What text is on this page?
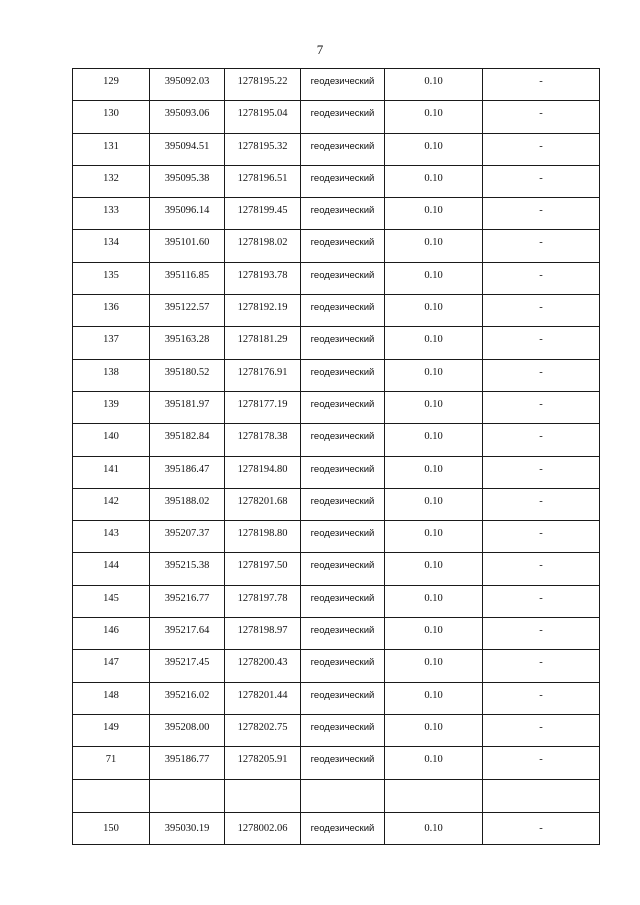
7
129	395092.03	1278195.22	геодезический	0.10	-
130	395093.06	1278195.04	геодезический	0.10	-
131	395094.51	1278195.32	геодезический	0.10	-
132	395095.38	1278196.51	геодезический	0.10	-
133	395096.14	1278199.45	геодезический	0.10	-
134	395101.60	1278198.02	геодезический	0.10	-
135	395116.85	1278193.78	геодезический	0.10	-
136	395122.57	1278192.19	геодезический	0.10	-
137	395163.28	1278181.29	геодезический	0.10	-
138	395180.52	1278176.91	геодезический	0.10	-
139	395181.97	1278177.19	геодезический	0.10	-
140	395182.84	1278178.38	геодезический	0.10	-
141	395186.47	1278194.80	геодезический	0.10	-
142	395188.02	1278201.68	геодезический	0.10	-
143	395207.37	1278198.80	геодезический	0.10	-
144	395215.38	1278197.50	геодезический	0.10	-
145	395216.77	1278197.78	геодезический	0.10	-
146	395217.64	1278198.97	геодезический	0.10	-
147	395217.45	1278200.43	геодезический	0.10	-
148	395216.02	1278201.44	геодезический	0.10	-
149	395208.00	1278202.75	геодезический	0.10	-
71	395186.77	1278205.91	геодезический	0.10	-

150	395030.19	1278002.06	геодезический	0.10	-
